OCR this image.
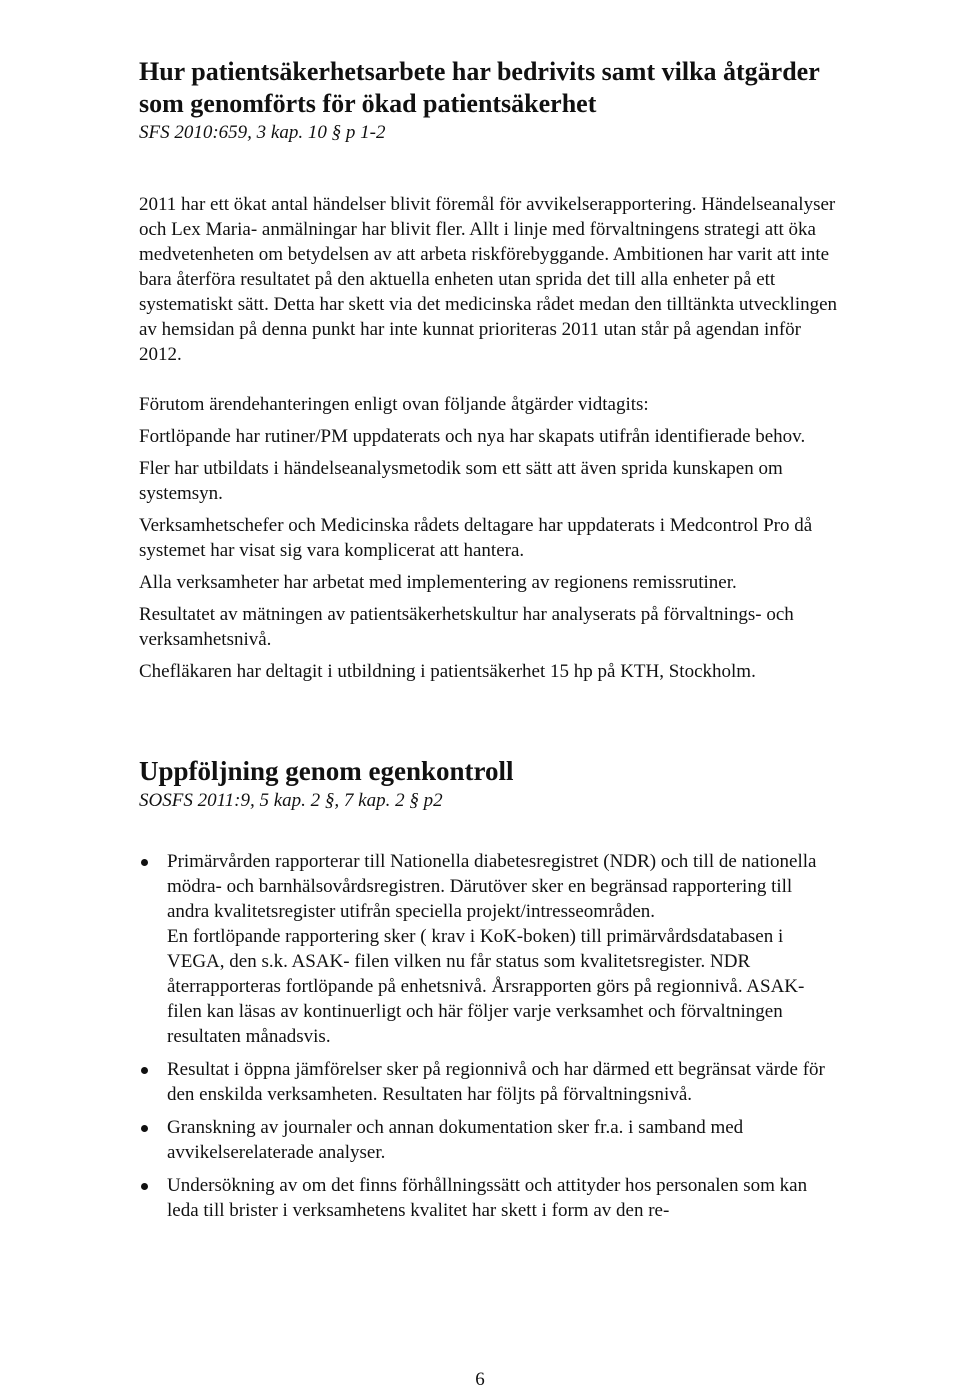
Hur patientsäkerhetsarbete har bedrivits samt vilka åtgärder som genomförts för ökad patientsäkerhet

SFS 2010:659, 3 kap. 10 § p 1-2

2011 har ett ökat antal händelser blivit föremål för avvikelserapportering. Händelseanalyser och Lex Maria- anmälningar har blivit fler. Allt i linje med förvaltningens strategi att öka medvetenheten om betydelsen av att arbeta riskförebyggande. Ambitionen har varit att inte bara återföra resultatet på den aktuella enheten utan sprida det till alla enheter på ett systematiskt sätt. Detta har skett via det medicinska rådet medan den tilltänkta utvecklingen av hemsidan på denna punkt har inte kunnat prioriteras 2011 utan står på agendan inför 2012.

Förutom ärendehanteringen enligt ovan följande åtgärder vidtagits:

Fortlöpande har rutiner/PM uppdaterats och nya har skapats utifrån identifierade behov.

Fler har utbildats i händelseanalysmetodik som ett sätt att även sprida kunskapen om systemsyn.

Verksamhetschefer och Medicinska rådets deltagare har uppdaterats i Medcontrol Pro då systemet har visat sig vara komplicerat att hantera.

Alla verksamheter har arbetat med implementering av regionens remissrutiner.

Resultatet av mätningen av patientsäkerhetskultur har analyserats på förvaltnings- och verksamhetsnivå.

Chefläkaren har deltagit i utbildning i patientsäkerhet 15 hp på KTH, Stockholm.

Uppföljning genom egenkontroll

SOSFS 2011:9, 5 kap. 2 §, 7 kap. 2 § p2

Primärvården rapporterar till Nationella diabetesregistret (NDR) och till de nationella mödra- och barnhälsovårdsregistren. Därutöver sker en begränsad rapportering till andra kvalitetsregister utifrån speciella projekt/intresseområden.
En fortlöpande rapportering sker ( krav i KoK-boken) till primärvårdsdatabasen i VEGA, den s.k. ASAK- filen vilken nu får status som kvalitetsregister. NDR återrapporteras fortlöpande på enhetsnivå. Årsrapporten görs på regionnivå. ASAK-filen kan läsas av kontinuerligt och här följer varje verksamhet och förvaltningen resultaten månadsvis.
Resultat i öppna jämförelser sker på regionnivå och har därmed ett begränsat värde för den enskilda verksamheten. Resultaten har följts på förvaltningsnivå.
Granskning av journaler och annan dokumentation sker fr.a. i samband med avvikelserelaterade analyser.
Undersökning av om det finns förhållningssätt och attityder hos personalen som kan leda till brister i verksamhetens kvalitet har skett i form av den re-

6
